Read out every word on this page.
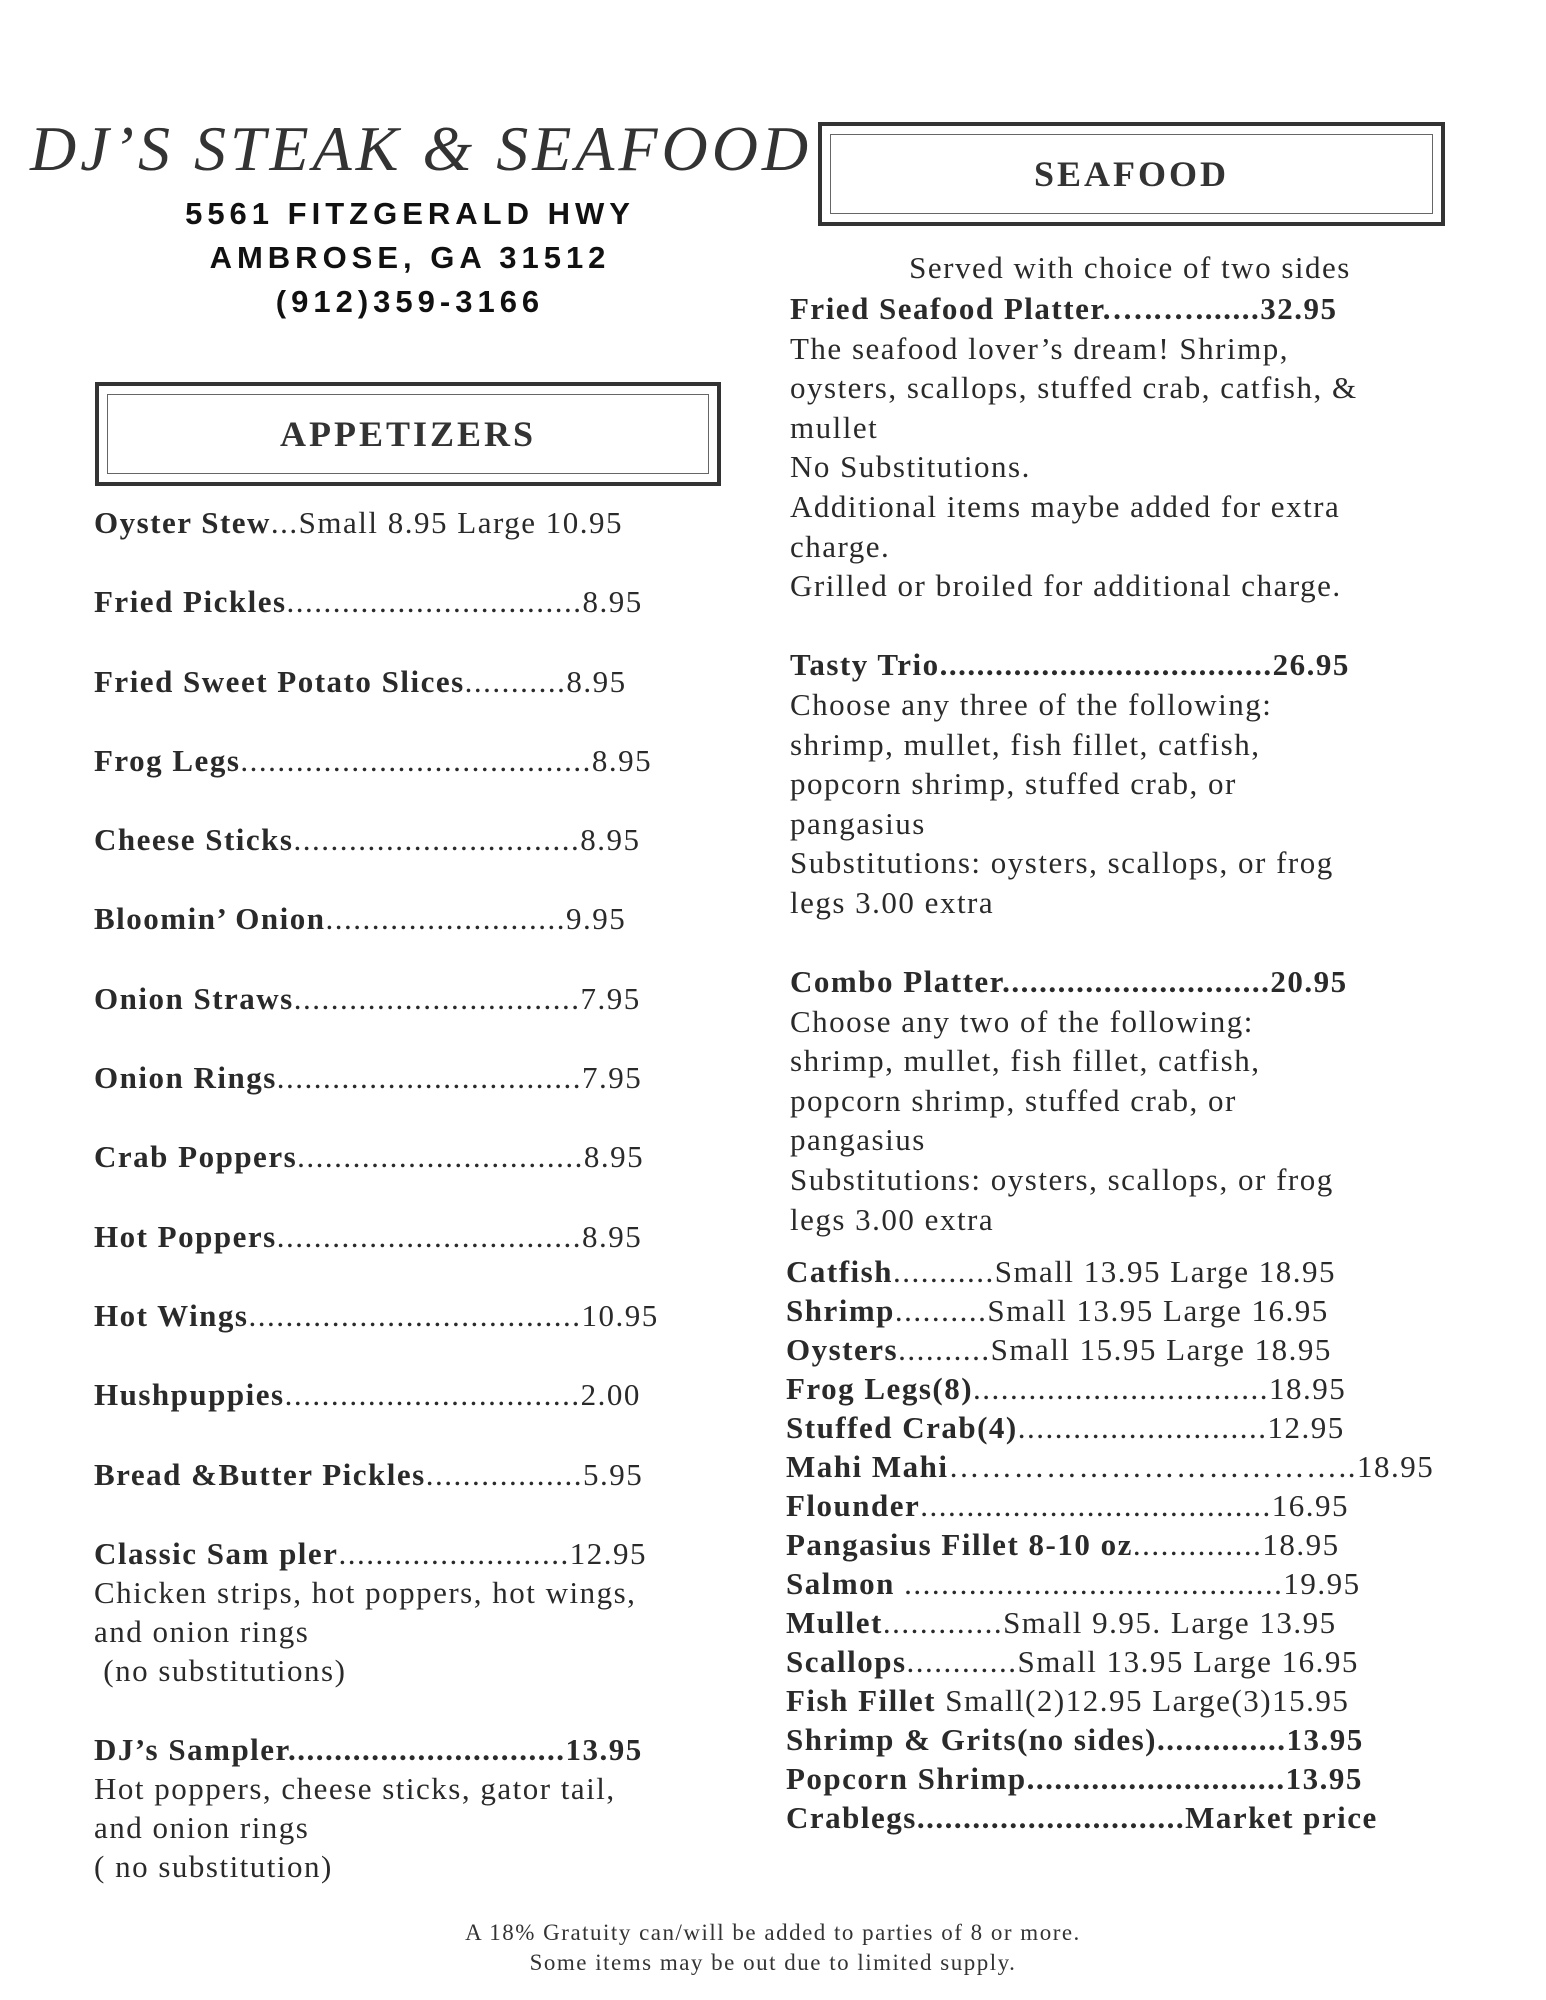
DJ’S STEAK & SEAFOOD
5561 FITZGERALD HWY
AMBROSE, GA 31512
(912)359-3166
APPETIZERS
SEAFOOD
Oyster Stew...Small 8.95 Large 10.95
Fried Pickles................................8.95
Fried Sweet Potato Slices...........8.95
Frog Legs......................................8.95
Cheese Sticks...............................8.95
Bloomin’ Onion..........................9.95
Onion Straws...............................7.95
Onion Rings.................................7.95
Crab Poppers...............................8.95
Hot Poppers.................................8.95
Hot Wings....................................10.95
Hushpuppies................................2.00
Bread &Butter Pickles.................5.95
Classic Sam pler.........................12.95
Chicken strips, hot poppers, hot wings,
and onion rings
(no substitutions)
DJ’s Sampler..............................13.95
Hot poppers, cheese sticks, gator tail,
and onion rings
( no substitution)
Served with choice of two sides
Fried Seafood Platter.…..….......32.95
The seafood lover’s dream! Shrimp,
oysters, scallops, stuffed crab, catfish, &
mullet
No Substitutions.
Additional items maybe added for extra
charge.
Grilled or broiled for additional charge.
Tasty Trio....................................26.95
Choose any three of the following:
shrimp, mullet, fish fillet, catfish,
popcorn shrimp, stuffed crab, or
pangasius
Substitutions: oysters, scallops, or frog
legs 3.00 extra
Combo Platter.............................20.95
Choose any two of the following:
shrimp, mullet, fish fillet, catfish,
popcorn shrimp, stuffed crab, or
pangasius
Substitutions: oysters, scallops, or frog
legs 3.00 extra
Catfish...........Small 13.95 Large 18.95
Shrimp..........Small 13.95 Large 16.95
Oysters..........Small 15.95 Large 18.95
Frog Legs(8)................................18.95
Stuffed Crab(4)...........................12.95
Mahi Mahi………………………………..18.95
Flounder......................................16.95
Pangasius Fillet 8-10 oz..............18.95
Salmon .........................................19.95
Mullet.............Small 9.95. Large 13.95
Scallops............Small 13.95 Large 16.95
Fish Fillet Small(2)12.95 Large(3)15.95
Shrimp & Grits(no sides)..............13.95
Popcorn Shrimp............................13.95
Crablegs.............................Market price
A 18% Gratuity can/will be added to parties of 8 or more.
Some items may be out due to limited supply.
